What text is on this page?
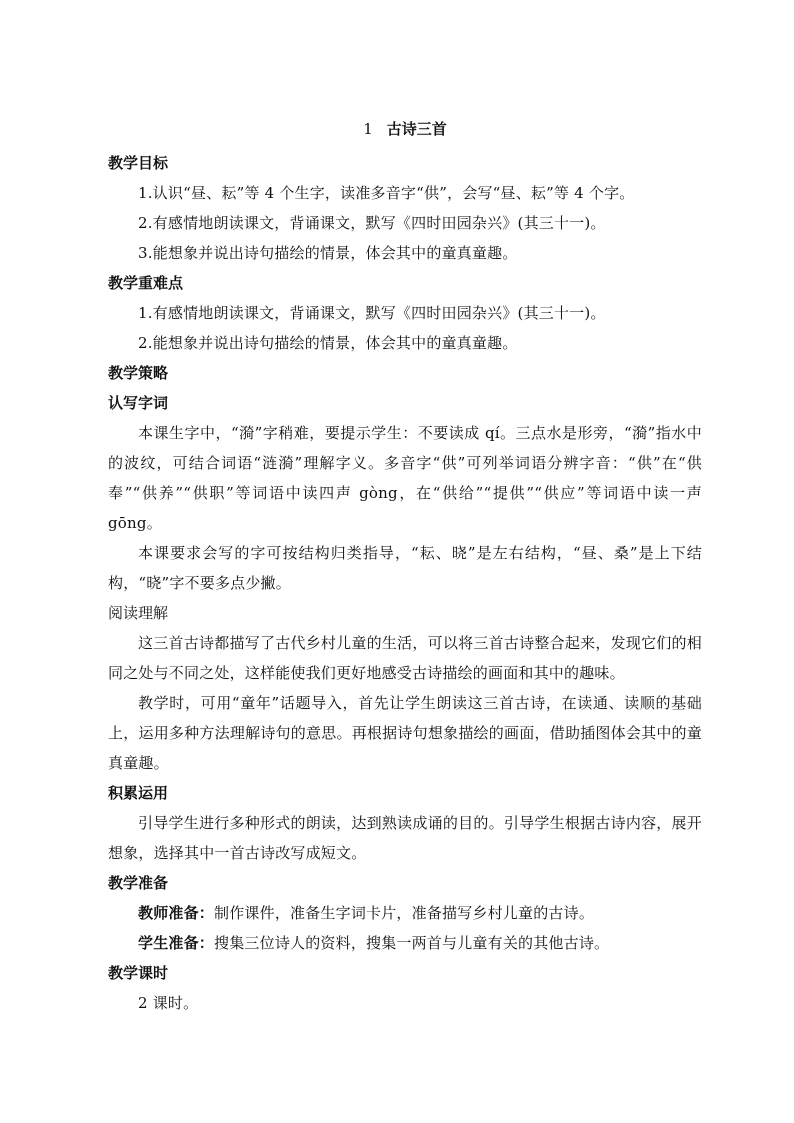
1 古诗三首

教学目标

1.认识“昼、耘”等 4 个生字，读准多音字“供”，会写“昼、耘”等 4 个字。

2.有感情地朗读课文，背诵课文，默写《四时田园杂兴》(其三十一)。

3.能想象并说出诗句描绘的情景，体会其中的童真童趣。

教学重难点

1.有感情地朗读课文，背诵课文，默写《四时田园杂兴》(其三十一)。

2.能想象并说出诗句描绘的情景，体会其中的童真童趣。

教学策略

认写字词

本课生字中，“漪”字稍难，要提示学生：不要读成 qí。三点水是形旁，“漪”指水中的波纹，可结合词语“涟漪”理解字义。多音字“供”可列举词语分辨字音：“供”在“供奉”“供养”“供职”等词语中读四声 gòng，在“供给”“提供”“供应”等词语中读一声 gōng。

本课要求会写的字可按结构归类指导，“耘、晓”是左右结构，“昼、桑”是上下结构，“晓”字不要多点少撇。

阅读理解

这三首古诗都描写了古代乡村儿童的生活，可以将三首古诗整合起来，发现它们的相同之处与不同之处，这样能使我们更好地感受古诗描绘的画面和其中的趣味。

教学时，可用“童年”话题导入，首先让学生朗读这三首古诗，在读通、读顺的基础上，运用多种方法理解诗句的意思。再根据诗句想象描绘的画面，借助插图体会其中的童真童趣。

积累运用

引导学生进行多种形式的朗读，达到熟读成诵的目的。引导学生根据古诗内容，展开想象，选择其中一首古诗改写成短文。

教学准备

教师准备：制作课件，准备生字词卡片，准备描写乡村儿童的古诗。

学生准备：搜集三位诗人的资料，搜集一两首与儿童有关的其他古诗。

教学课时

2 课时。
